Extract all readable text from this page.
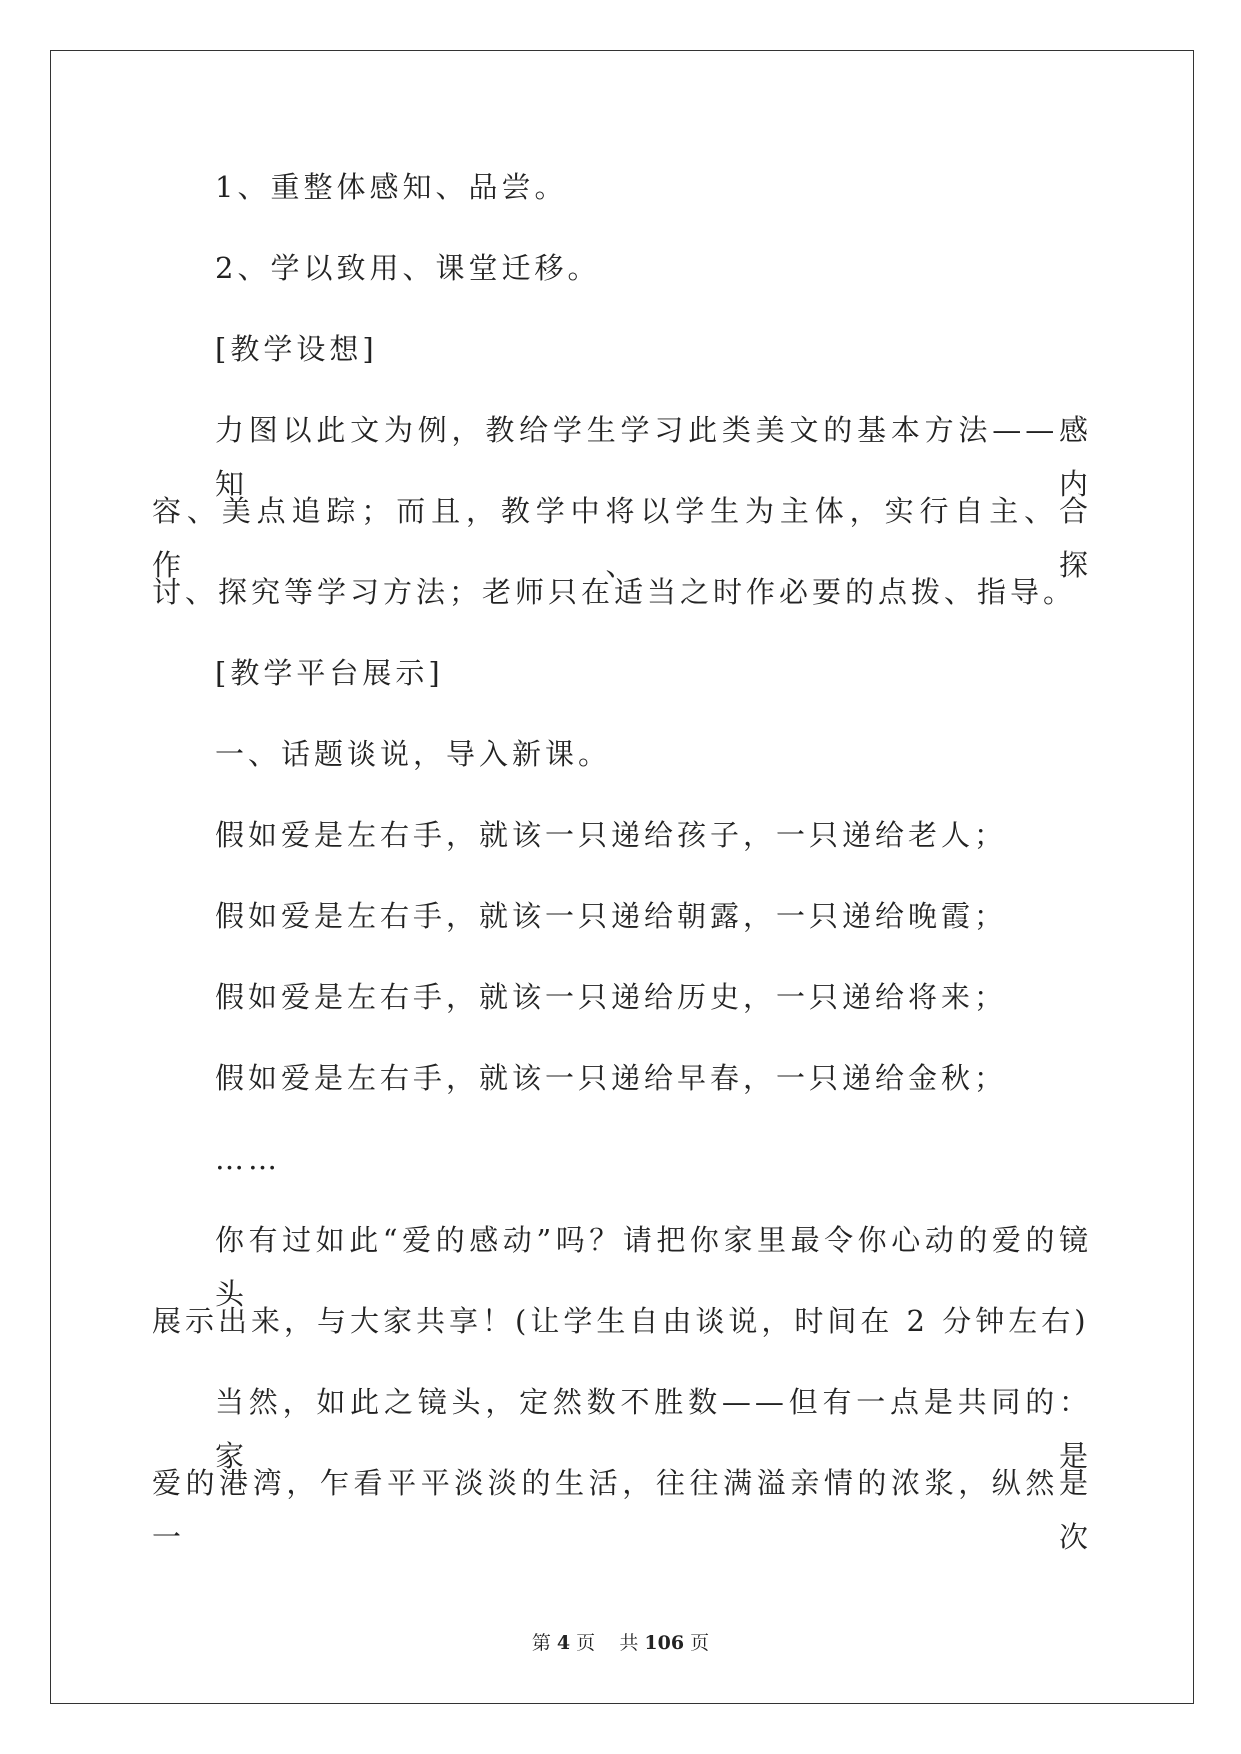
1、重整体感知、品尝。

2、学以致用、课堂迁移。

[教学设想]

力图以此文为例，教给学生学习此类美文的基本方法——感知内

容、美点追踪；而且，教学中将以学生为主体，实行自主、合作、探

讨、探究等学习方法；老师只在适当之时作必要的点拨、指导。

[教学平台展示]

一、话题谈说，导入新课。

假如爱是左右手，就该一只递给孩子，一只递给老人；

假如爱是左右手，就该一只递给朝露，一只递给晚霞；

假如爱是左右手，就该一只递给历史，一只递给将来；

假如爱是左右手，就该一只递给早春，一只递给金秋；

……

你有过如此“爱的感动”吗？请把你家里最令你心动的爱的镜头

展示出来，与大家共享！(让学生自由谈说，时间在 2 分钟左右)

当然，如此之镜头，定然数不胜数——但有一点是共同的：家是

爱的港湾，乍看平平淡淡的生活，往往满溢亲情的浓浆，纵然是一次

第 4 页 共 106 页
